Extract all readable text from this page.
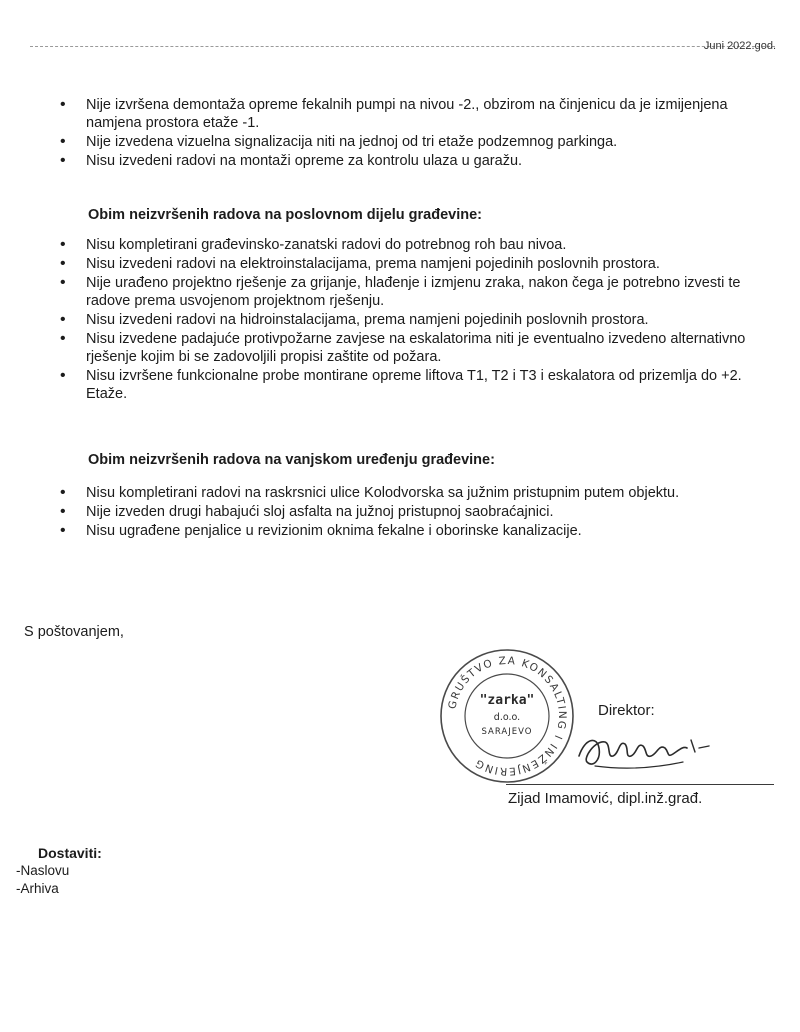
Juni 2022.god.
• Nije izvršena demontaža opreme fekalnih pumpi na nivou -2., obzirom na činjenicu da je izmijenjena namjena prostora etaže -1.
• Nije izvedena vizuelna signalizacija niti na jednoj od tri etaže podzemnog parkinga.
• Nisu izvedeni radovi na montaži opreme za kontrolu ulaza u garažu.
Obim neizvršenih radova na poslovnom dijelu građevine:
• Nisu kompletirani građevinsko-zanatski radovi do potrebnog roh bau nivoa.
• Nisu izvedeni radovi na elektroinstalacijama, prema namjeni pojedinih poslovnih prostora.
• Nije urađeno projektno rješenje za grijanje, hlađenje i izmjenu zraka, nakon čega je potrebno izvesti te radove prema usvojenom projektnom rješenju.
• Nisu izvedeni radovi na hidroinstalacijama, prema namjeni pojedinih poslovnih prostora.
• Nisu izvedene padajuće protivpožarne zavjese na eskalatorima niti je eventualno izvedeno alternativno rješenje kojim bi se zadovoljili propisi zaštite od požara.
• Nisu izvršene funkcionalne probe montirane opreme liftova T1, T2 i T3 i eskalatora od prizemlja do +2. Etaže.
Obim neizvršenih radova na vanjskom uređenju građevine:
• Nisu kompletirani radovi na raskrsnici ulice Kolodvorska sa južnim pristupnim putem objektu.
• Nije izveden drugi habajući sloj asfalta na južnoj pristupnoj saobraćajnici.
• Nisu ugrađene penjalice u revizionim oknima fekalne i oborinske kanalizacije.
S poštovanjem,
GRUŠTVO ZA KONSALTING I INŽENJERING
"zarka"
d.o.o.
SARAJEVO
Direktor:
Zijad Imamović, dipl.inž.građ.
Dostaviti:
-Naslovu
-Arhiva
